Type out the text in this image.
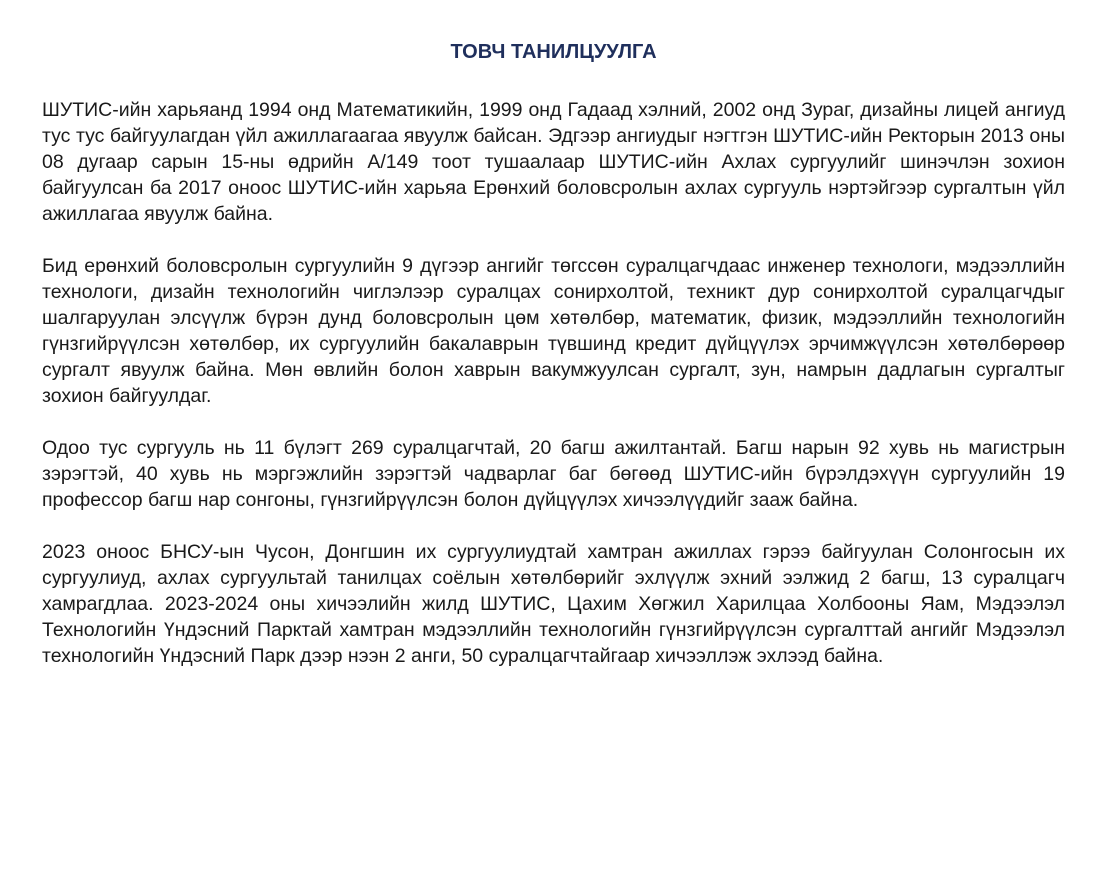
ТОВЧ ТАНИЛЦУУЛГА

ШУТИС-ийн харьяанд 1994 онд Математикийн, 1999 онд Гадаад хэлний, 2002 онд Зураг, дизайны лицей ангиуд тус тус байгуулагдан үйл ажиллагаагаа явуулж байсан. Эдгээр ангиудыг нэгтгэн ШУТИС-ийн Ректорын 2013 оны 08 дугаар сарын 15-ны өдрийн А/149 тоот тушаалаар ШУТИС-ийн Ахлах сургуулийг шинэчлэн зохион байгуулсан ба 2017 оноос ШУТИС-ийн харьяа Ерөнхий боловсролын ахлах сургууль нэртэйгээр сургалтын үйл ажиллагаа явуулж байна.

Бид ерөнхий боловсролын сургуулийн 9 дүгээр ангийг төгссөн суралцагчдаас инженер технологи, мэдээллийн технологи, дизайн технологийн чиглэлээр суралцах сонирхолтой, техникт дур сонирхолтой суралцагчдыг шалгаруулан элсүүлж бүрэн дунд боловсролын цөм хөтөлбөр, математик, физик, мэдээллийн технологийн гүнзгийрүүлсэн хөтөлбөр, их сургуулийн бакалаврын түвшинд кредит дүйцүүлэх эрчимжүүлсэн хөтөлбөрөөр сургалт явуулж байна. Мөн өвлийн болон хаврын вакумжуулсан сургалт, зун, намрын дадлагын сургалтыг зохион байгуулдаг.

Одоо тус сургууль нь 11 бүлэгт 269 суралцагчтай, 20 багш ажилтантай. Багш нарын 92 хувь нь магистрын зэрэгтэй, 40 хувь нь мэргэжлийн зэрэгтэй чадварлаг баг бөгөөд ШУТИС-ийн бүрэлдэхүүн сургуулийн 19 профессор багш нар сонгоны, гүнзгийрүүлсэн болон дүйцүүлэх хичээлүүдийг зааж байна.

2023 оноос БНСУ-ын Чусон, Донгшин их сургуулиудтай хамтран ажиллах гэрээ байгуулан Солонгосын их сургуулиуд, ахлах сургуультай танилцах соёлын хөтөлбөрийг эхлүүлж эхний ээлжид 2 багш, 13 суралцагч хамрагдлаа. 2023-2024 оны хичээлийн жилд ШУТИС, Цахим Хөгжил Харилцаа Холбооны Яам, Мэдээлэл Технологийн Үндэсний Парктай хамтран мэдээллийн технологийн гүнзгийрүүлсэн сургалттай ангийг Мэдээлэл технологийн Үндэсний Парк дээр нээн 2 анги, 50 суралцагчтайгаар хичээллэж эхлээд байна.
